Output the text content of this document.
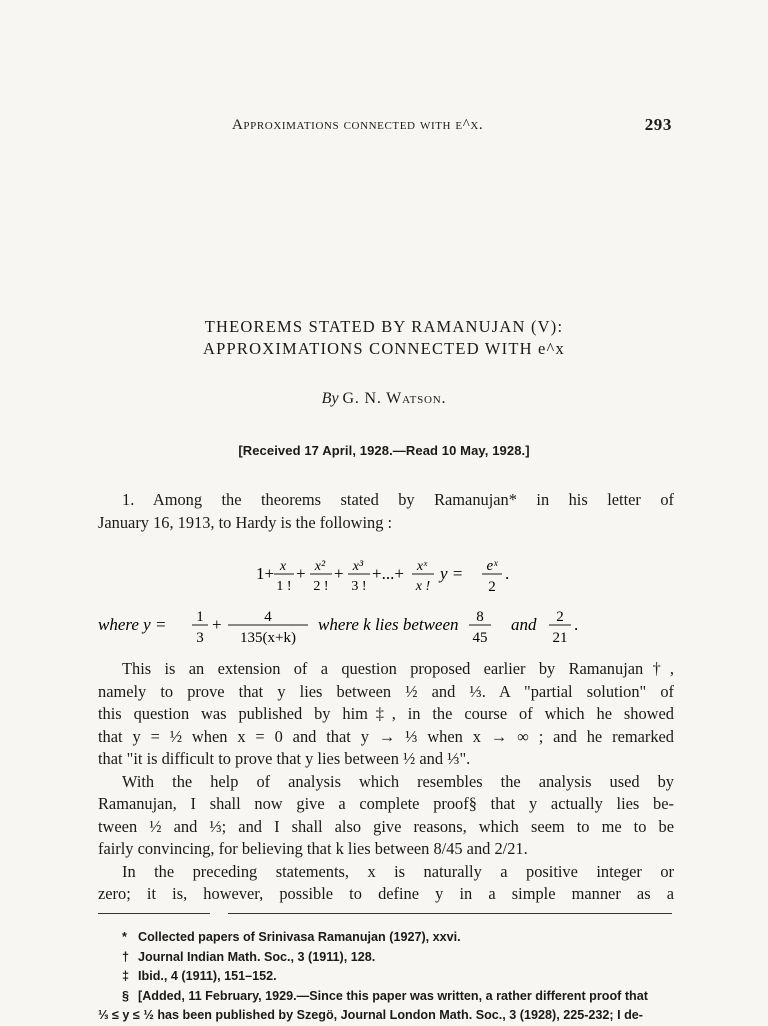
Approximations connected with e^x.	293
THEOREMS STATED BY RAMANUJAN (V):
APPROXIMATIONS CONNECTED WITH e^x
By G. N. Watson.
[Received 17 April, 1928.—Read 10 May, 1928.]
1. Among the theorems stated by Ramanujan* in his letter of
January 16, 1913, to Hardy is the following :
1+ x
1 !
+ x²
2 !
+ x³
3 !
+...+ xˣ
x !
y = eˣ
2
.
where y = 1
3
+	4
135(x+k)
where k lies between 8
45
and 2
21
.
This is an extension of a question proposed earlier by Ramanujan†,
namely to prove that y lies between ½ and ⅓. A "partial solution" of
this question was published by him‡, in the course of which he showed
that y = ½ when x = 0 and that y → ⅓ when x → ∞ ; and he remarked
that "it is difficult to prove that y lies between ½ and ⅓".
With the help of analysis which resembles the analysis used by
Ramanujan, I shall now give a complete proof§ that y actually lies be-
tween ½ and ⅓; and I shall also give reasons, which seem to me to be
fairly convincing, for believing that k lies between 8/45 and 2/21.
In the preceding statements, x is naturally a positive integer or
zero; it is, however, possible to define y in a simple manner as a
* Collected papers of Srinivasa Ramanujan (1927), xxvi.
† Journal Indian Math. Soc., 3 (1911), 128.
‡ Ibid., 4 (1911), 151–152.
§ [Added, 11 February, 1929.—Since this paper was written, a rather different proof that
⅓ ≤ y ≤ ½ has been published by Szegö, Journal London Math. Soc., 3 (1928), 225-232; I de-
